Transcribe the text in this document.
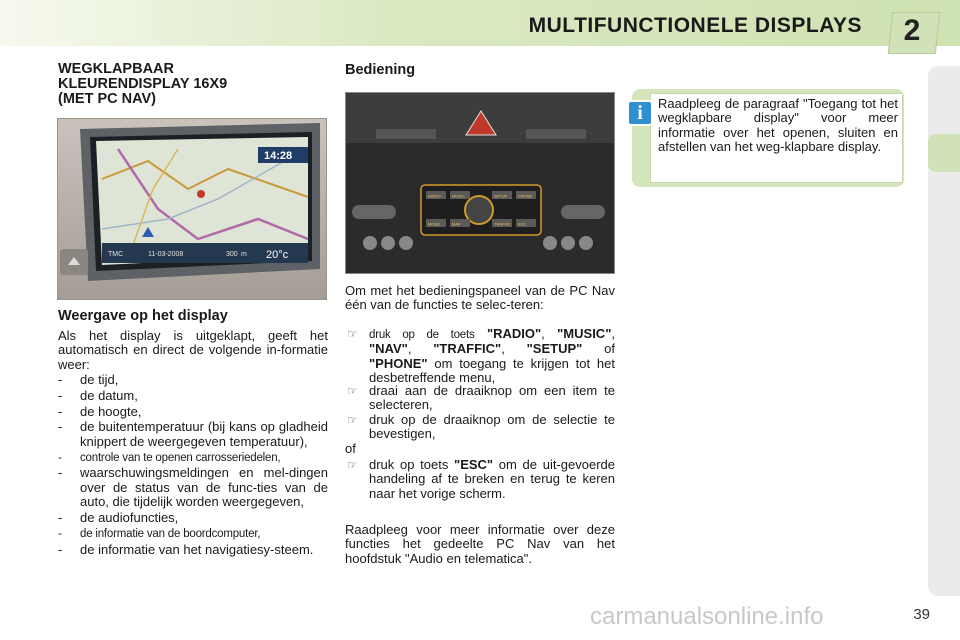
MULTIFUNCTIONELE DISPLAYS	2
WEGKLAPBAAR
KLEURENDISPLAY 16X9
(MET PC NAV)
14:28
TMC	11-03-2008	300 m 20°c
Weergave op het display
Als het display is uitgeklapt, geeft het automatisch en direct de volgende in-formatie weer:
- de tijd,
- de datum,
- de hoogte,
- de buitentemperatuur (bij kans op gladheid knippert de weergegeven temperatuur),
- controle van te openen carrosseriedelen,
- waarschuwingsmeldingen en mel-dingen over de status van de func-ties van de auto, die tijdelijk worden weergegeven,
- de audiofuncties,
- de informatie van de boordcomputer,
- de informatie van het navigatiesy-steem.
Bediening
RADIO	MUSIC	SETUP	PHONE
MODE	MAP	TRAFFIC ESC
Om met het bedieningspaneel van de PC Nav één van de functies te selec-teren:
☞ druk op de toets "RADIO", "MUSIC", "NAV", "TRAFFIC", "SETUP" of "PHONE" om toegang te krijgen tot het desbetreffende menu,
☞ draai aan de draaiknop om een item te selecteren,
☞ druk op de draaiknop om de selectie te bevestigen,
of
☞ druk op toets "ESC" om de uit-gevoerde handeling af te breken en terug te keren naar het vorige scherm.
Raadpleeg voor meer informatie over deze functies het gedeelte PC Nav van het hoofdstuk "Audio en telematica".
i	Raadpleeg de paragraaf "Toegang tot het wegklapbare display" voor meer informatie over het openen, sluiten en afstellen van het weg-klapbare display.
carmanualsonline.info	39
